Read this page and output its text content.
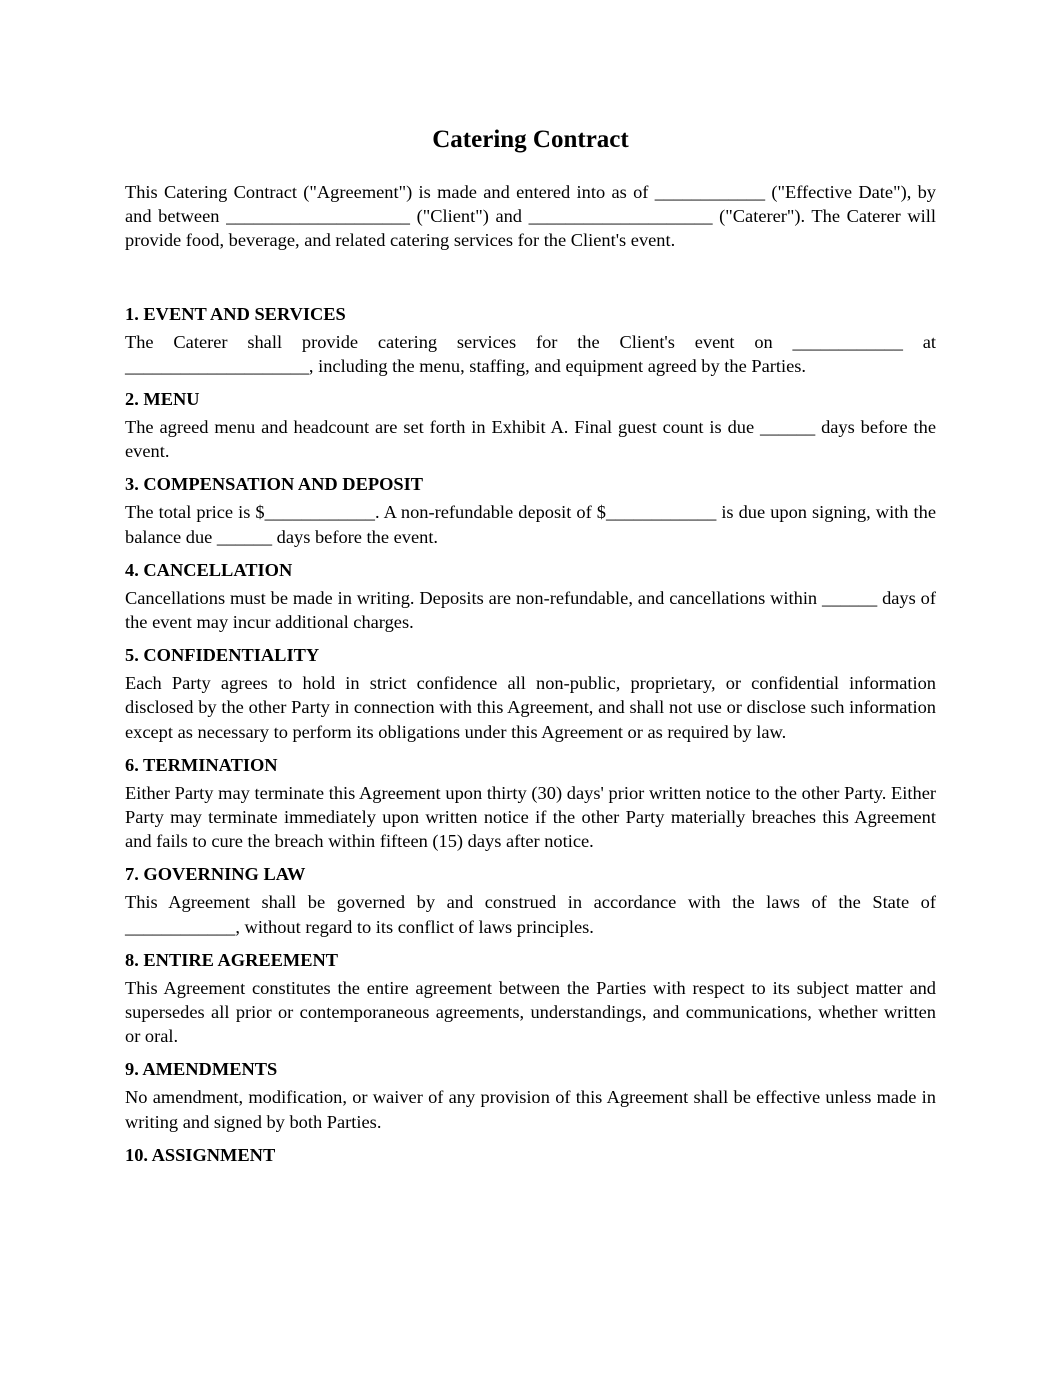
Catering Contract

This Catering Contract ("Agreement") is made and entered into as of ____________ ("Effective Date"), by and between ____________________ ("Client") and ____________________ ("Caterer"). The Caterer will provide food, beverage, and related catering services for the Client's event.

1. EVENT AND SERVICES

The Caterer shall provide catering services for the Client's event on ____________ at ____________________, including the menu, staffing, and equipment agreed by the Parties.

2. MENU

The agreed menu and headcount are set forth in Exhibit A. Final guest count is due ______ days before the event.

3. COMPENSATION AND DEPOSIT

The total price is $____________. A non-refundable deposit of $____________ is due upon signing, with the balance due ______ days before the event.

4. CANCELLATION

Cancellations must be made in writing. Deposits are non-refundable, and cancellations within ______ days of the event may incur additional charges.

5. CONFIDENTIALITY

Each Party agrees to hold in strict confidence all non-public, proprietary, or confidential information disclosed by the other Party in connection with this Agreement, and shall not use or disclose such information except as necessary to perform its obligations under this Agreement or as required by law.

6. TERMINATION

Either Party may terminate this Agreement upon thirty (30) days' prior written notice to the other Party. Either Party may terminate immediately upon written notice if the other Party materially breaches this Agreement and fails to cure the breach within fifteen (15) days after notice.

7. GOVERNING LAW

This Agreement shall be governed by and construed in accordance with the laws of the State of ____________, without regard to its conflict of laws principles.

8. ENTIRE AGREEMENT

This Agreement constitutes the entire agreement between the Parties with respect to its subject matter and supersedes all prior or contemporaneous agreements, understandings, and communications, whether written or oral.

9. AMENDMENTS

No amendment, modification, or waiver of any provision of this Agreement shall be effective unless made in writing and signed by both Parties.

10. ASSIGNMENT
